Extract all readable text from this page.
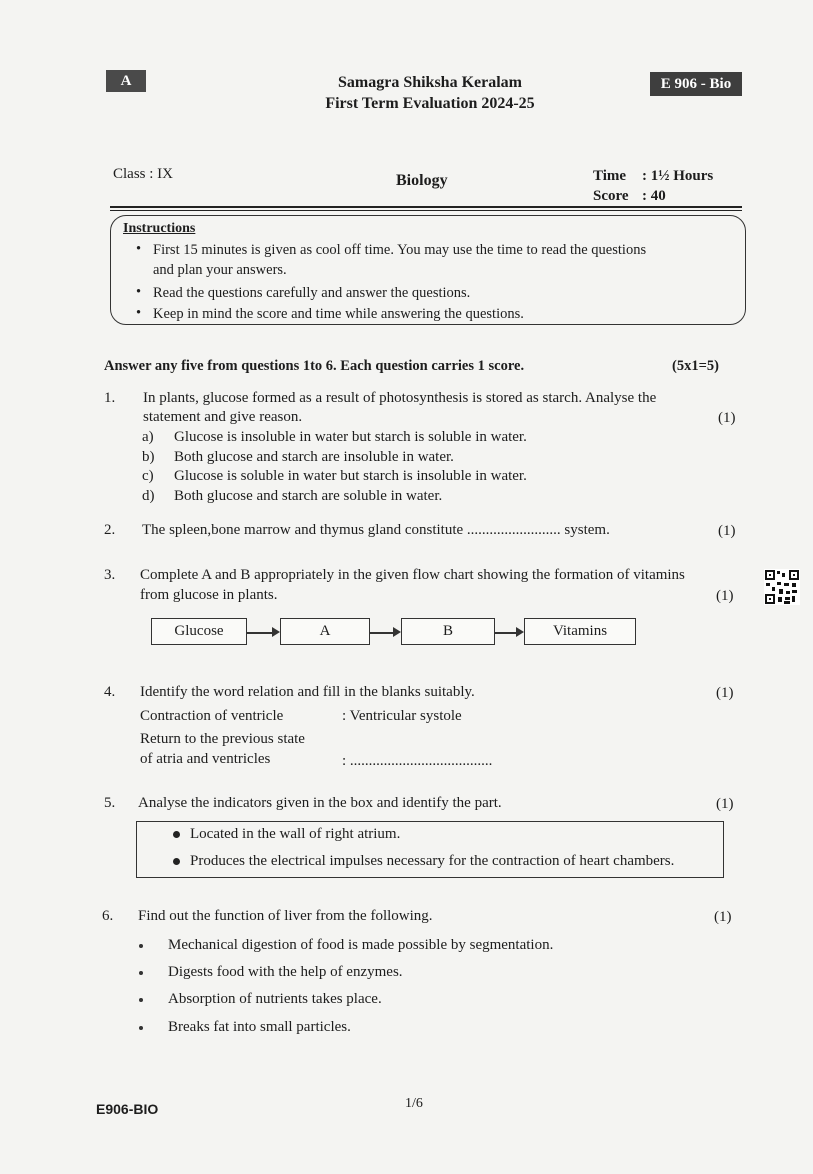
A	Samagra Shiksha Keralam
First Term Evaluation 2024-25
E 906 - Bio
Class : IX	Biology	Time : 1½ Hours
Score : 40
Instructions
• First 15 minutes is given as cool off time. You may use the time to read the questions
and plan your answers.
• Read the questions carefully and answer the questions.
• Keep in mind the score and time while answering the questions.
Answer any five from questions 1to 6. Each question carries 1 score.	(5x1=5)
1. In plants, glucose formed as a result of photosynthesis is stored as starch. Analyse the
statement and give reason.	(1)
a) Glucose is insoluble in water but starch is soluble in water.
b) Both glucose and starch are insoluble in water.
c) Glucose is soluble in water but starch is insoluble in water.
d) Both glucose and starch are soluble in water.
2. The spleen,bone marrow and thymus gland constitute ......................... system.	(1)
3. Complete A and B appropriately in the given flow chart showing the formation of vitamins
from glucose in plants.	(1)
Glucose	A	B	Vitamins
4. Identify the word relation and fill in the blanks suitably.	(1)
Contraction of ventricle	: Ventricular systole
Return to the previous state
of atria and ventricles	: ......................................
5. Analyse the indicators given in the box and identify the part.	(1)
Located in the wall of right atrium.
Produces the electrical impulses necessary for the contraction of heart chambers.
6. Find out the function of liver from the following.	(1)
Mechanical digestion of food is made possible by segmentation.
Digests food with the help of enzymes.
Absorption of nutrients takes place.
Breaks fat into small particles.
E906-BIO	1/6
